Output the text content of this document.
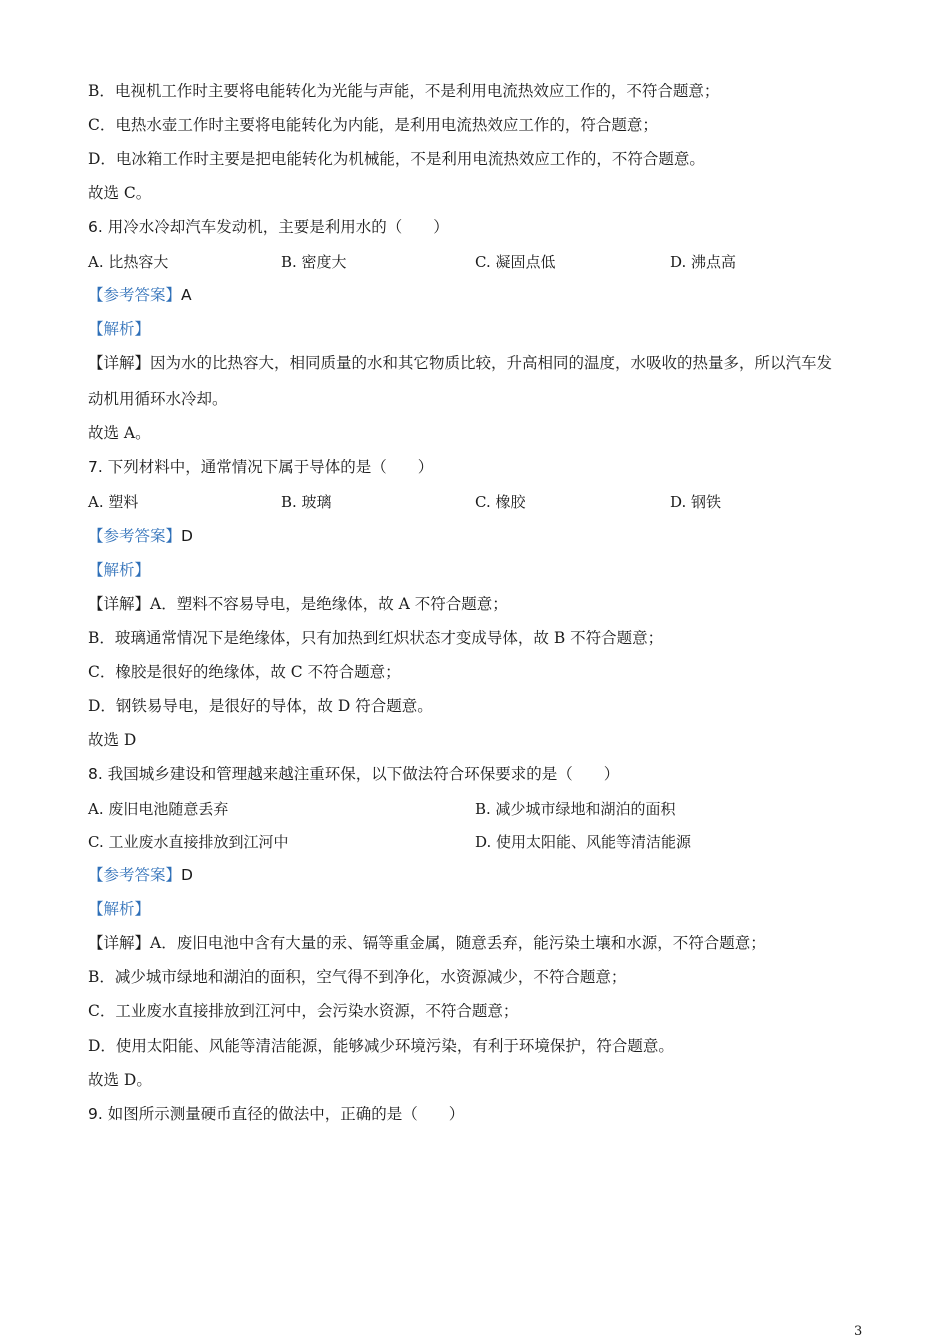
B．电视机工作时主要将电能转化为光能与声能，不是利用电流热效应工作的，不符合题意；
C．电热水壶工作时主要将电能转化为内能，是利用电流热效应工作的，符合题意；
D．电冰箱工作时主要是把电能转化为机械能，不是利用电流热效应工作的，不符合题意。
故选 C。
6. 用冷水冷却汽车发动机，主要是利用水的（　　）
A. 比热容大	B. 密度大	C. 凝固点低	D. 沸点高
【参考答案】A
【解析】
【详解】因为水的比热容大，相同质量的水和其它物质比较，升高相同的温度，水吸收的热量多，所以汽车发
动机用循环水冷却。
故选 A。
7. 下列材料中，通常情况下属于导体的是（　　）
A. 塑料	B. 玻璃	C. 橡胶	D. 钢铁
【参考答案】D
【解析】
【详解】A．塑料不容易导电，是绝缘体，故 A 不符合题意；
B．玻璃通常情况下是绝缘体，只有加热到红炽状态才变成导体，故 B 不符合题意；
C．橡胶是很好的绝缘体，故 C 不符合题意；
D．钢铁易导电，是很好的导体，故 D 符合题意。
故选 D
8. 我国城乡建设和管理越来越注重环保，以下做法符合环保要求的是（　　）
A. 废旧电池随意丢弃	B. 减少城市绿地和湖泊的面积
C. 工业废水直接排放到江河中	D. 使用太阳能、风能等清洁能源
【参考答案】D
【解析】
【详解】A．废旧电池中含有大量的汞、镉等重金属，随意丢弃，能污染土壤和水源，不符合题意；
B．减少城市绿地和湖泊的面积，空气得不到净化，水资源减少，不符合题意；
C．工业废水直接排放到江河中，会污染水资源，不符合题意；
D．使用太阳能、风能等清洁能源，能够减少环境污染，有利于环境保护，符合题意。
故选 D。
9. 如图所示测量硬币直径的做法中，正确的是（　　）
3
